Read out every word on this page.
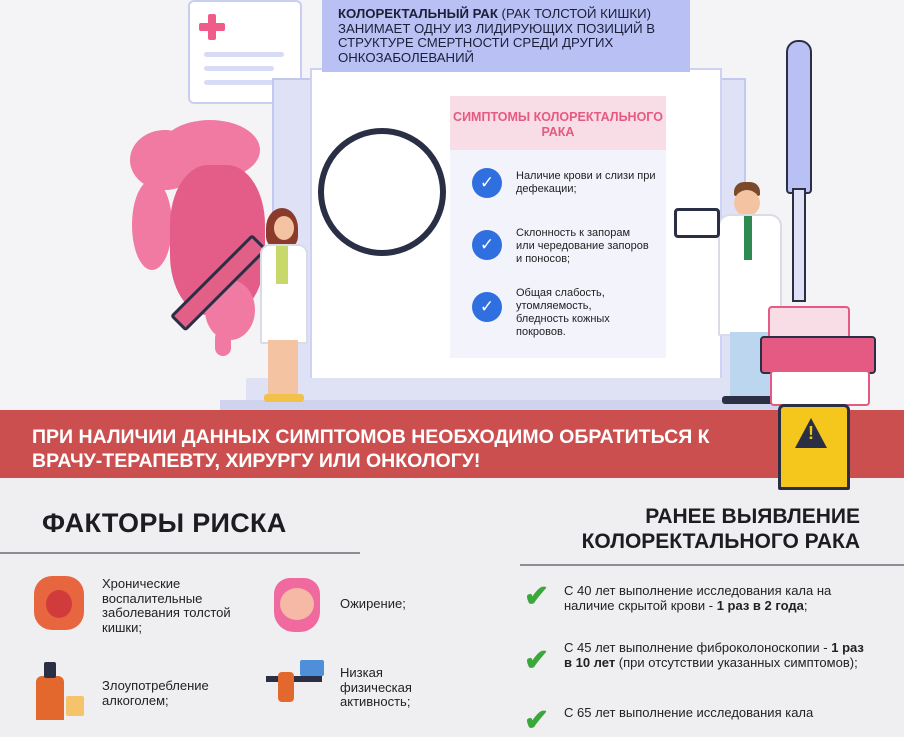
КОЛОРЕКТАЛЬНЫЙ РАК (РАК ТОЛСТОЙ КИШКИ) ЗАНИМАЕТ ОДНУ ИЗ ЛИДИРУЮЩИХ ПОЗИЦИЙ В СТРУКТУРЕ СМЕРТНОСТИ СРЕДИ ДРУГИХ ОНКОЗАБОЛЕВАНИЙ
СИМПТОМЫ КОЛОРЕКТАЛЬНОГО РАКА
✓	Наличие крови и слизи при дефекации;
✓
Склонность к запорам или чередование запоров и поносов;
✓
Общая слабость, утомляемость, бледность кожных покровов.
ПРИ НАЛИЧИИ ДАННЫХ СИМПТОМОВ НЕОБХОДИМО ОБРАТИТЬСЯ К ВРАЧУ-ТЕРАПЕВТУ, ХИРУРГУ ИЛИ ОНКОЛОГУ!
!
ФАКТОРЫ РИСКА
Хронические воспалительные заболевания толстой кишки;
Ожирение;
Злоупотребление алкоголем;
Низкая физическая активность;
РАНЕЕ ВЫЯВЛЕНИЕ КОЛОРЕКТАЛЬНОГО РАКА
✔ С 40 лет выполнение исследования кала на наличие скрытой крови - 1 раз в 2 года;
✔ С 45 лет выполнение фиброколоноскопии - 1 раз в 10 лет (при отсутствии указанных симптомов);
✔ С 65 лет выполнение исследования кала
